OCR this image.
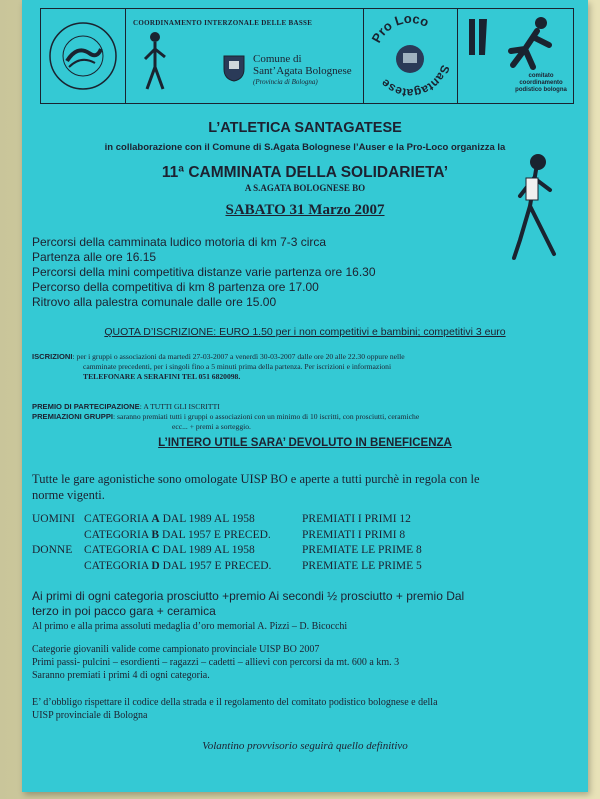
COORDINAMENTO INTERZONALE DELLE BASSE
Comune di
Sant’Agata Bolognese
(Provincia di Bologna)
Pro Loco
Santagatese
comitato
coordinamento
podistico bologna
L’ATLETICA SANTAGATESE
in collaborazione con il Comune di S.Agata Bolognese l’Auser e la Pro-Loco organizza la
11ª CAMMINATA DELLA SOLIDARIETA’
A S.AGATA BOLOGNESE BO
SABATO 31 Marzo 2007
Percorsi della camminata ludico motoria di km 7-3 circa
Partenza alle ore 16.15
Percorsi della mini competitiva distanze varie partenza ore 16.30
Percorso della competitiva di km 8 partenza ore 17.00
Ritrovo alla palestra comunale dalle ore 15.00
QUOTA D’ISCRIZIONE: EURO 1.50 per i non competitivi e bambini; competitivi 3 euro
ISCRIZIONI: per i gruppi o associazioni da martedì 27-03-2007 a venerdì 30-03-2007 dalle ore 20 alle 22.30 oppure nelle
camminate precedenti, per i singoli fino a 5 minuti prima della partenza. Per iscrizioni e informazioni
TELEFONARE A SERAFINI TEL 051 6820098.
PREMIO DI PARTECIPAZIONE: A TUTTI GLI ISCRITTI
PREMIAZIONI GRUPPI: saranno premiati tutti i gruppi o associazioni con un minimo di 10 iscritti, con prosciutti, ceramiche
ecc... + premi a sorteggio.
L’INTERO UTILE SARA’ DEVOLUTO IN BENEFICENZA
Tutte le gare agonistiche sono omologate UISP BO e aperte a tutti purchè in regola con le
norme vigenti.
UOMINI CATEGORIA A DAL 1989 AL 1958	PREMIATI I PRIMI 12
CATEGORIA B DAL 1957 E PRECED.	PREMIATI I PRIMI 8
DONNE CATEGORIA C DAL 1989 AL 1958	PREMIATE LE PRIME 8
CATEGORIA D DAL 1957 E PRECED.	PREMIATE LE PRIME 5
Ai primi di ogni categoria prosciutto +premio Ai secondi ½ prosciutto + premio Dal
terzo in poi pacco gara + ceramica
Al primo e alla prima assoluti medaglia d’oro memorial A. Pizzi – D. Bicocchi
Categorie giovanili valide come campionato provinciale UISP BO 2007
Primi passi- pulcini – esordienti – ragazzi – cadetti – allievi con percorsi da mt. 600 a km. 3
Saranno premiati i primi 4 di ogni categoria.
E’ d’obbligo rispettare il codice della strada e il regolamento del comitato podistico bolognese e della
UISP provinciale di Bologna
Volantino provvisorio seguirà quello definitivo
